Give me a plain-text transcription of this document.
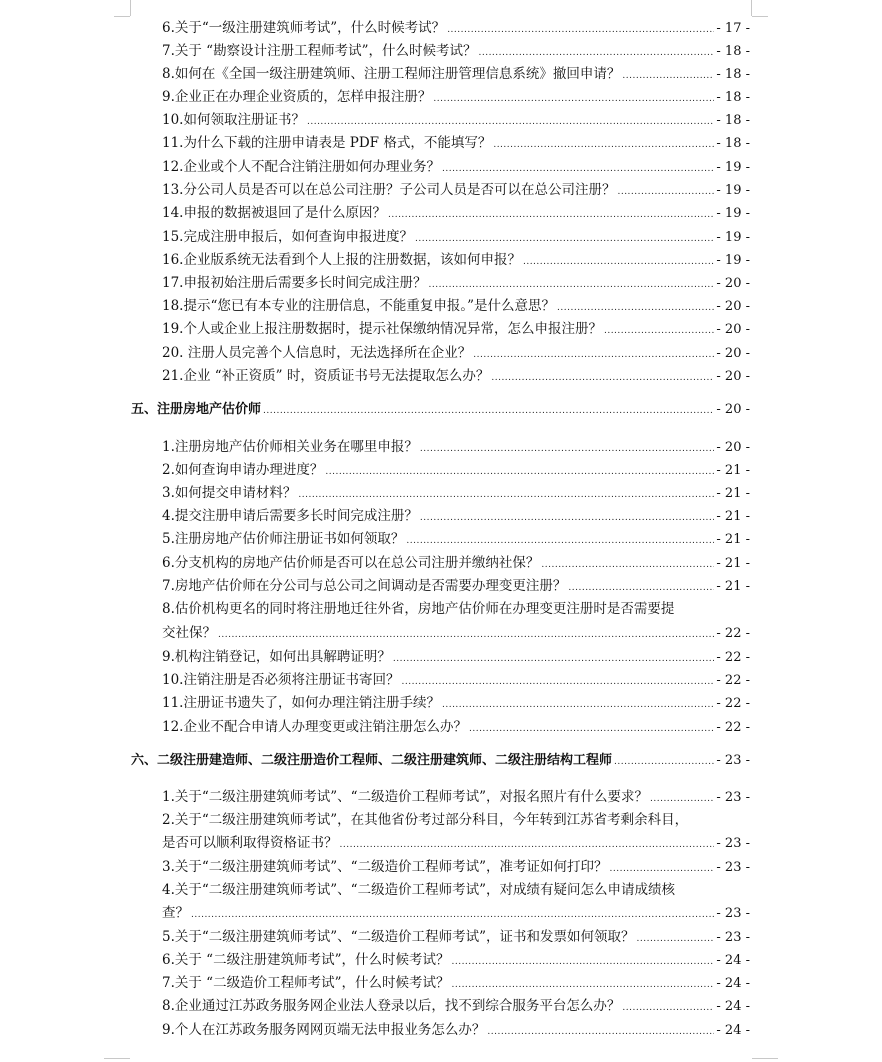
6.关于“一级注册建筑师考试”，什么时候考试？ .....	- 17 -
7.关于 “勘察设计注册工程师考试”，什么时候考试？ .....	- 18 -
8.如何在《全国一级注册建筑师、注册工程师注册管理信息系统》撤回申请？ .....	- 18 -
9.企业正在办理企业资质的，怎样申报注册？ .....	- 18 -
10.如何领取注册证书？ .....	- 18 -
11.为什么下载的注册申请表是 PDF 格式，不能填写？ .....	- 18 -
12.企业或个人不配合注销注册如何办理业务？ .....	- 19 -
13.分公司人员是否可以在总公司注册？子公司人员是否可以在总公司注册？ .....	- 19 -
14.申报的数据被退回了是什么原因？ .....	- 19 -
15.完成注册申报后，如何查询申报进度？ .....	- 19 -
16.企业版系统无法看到个人上报的注册数据，该如何申报？ .....	- 19 -
17.申报初始注册后需要多长时间完成注册？ .....	- 20 -
18.提示“您已有本专业的注册信息，不能重复申报。”是什么意思？ .....	- 20 -
19.个人或企业上报注册数据时，提示社保缴纳情况异常，怎么申报注册？ .....	- 20 -
20. 注册人员完善个人信息时，无法选择所在企业？ .....	- 20 -
21.企业 “补正资质” 时，资质证书号无法提取怎么办？ .....	- 20 -
五、注册房地产估价师 .....	- 20 -
1.注册房地产估价师相关业务在哪里申报？ .....	- 20 -
2.如何查询申请办理进度？ .....	- 21 -
3.如何提交申请材料？ .....	- 21 -
4.提交注册申请后需要多长时间完成注册？ .....	- 21 -
5.注册房地产估价师注册证书如何领取？ .....	- 21 -
6.分支机构的房地产估价师是否可以在总公司注册并缴纳社保？ .....	- 21 -
7.房地产估价师在分公司与总公司之间调动是否需要办理变更注册？ .....	- 21 -
8.估价机构更名的同时将注册地迁往外省，房地产估价师在办理变更注册时是否需要提
交社保？ .....	- 22 -
9.机构注销登记，如何出具解聘证明？ .....	- 22 -
10.注销注册是否必须将注册证书寄回？ .....	- 22 -
11.注册证书遗失了，如何办理注销注册手续？ .....	- 22 -
12.企业不配合申请人办理变更或注销注册怎么办？ .....	- 22 -
六、二级注册建造师、二级注册造价工程师、二级注册建筑师、二级注册结构工程师 .....	- 23 -
1.关于“二级注册建筑师考试”、“二级造价工程师考试”，对报名照片有什么要求？ .....	- 23 -
2.关于“二级注册建筑师考试”，在其他省份考过部分科目，今年转到江苏省考剩余科目，
是否可以顺利取得资格证书？ .....	- 23 -
3.关于“二级注册建筑师考试”、“二级造价工程师考试”，准考证如何打印？ .....	- 23 -
4.关于“二级注册建筑师考试”、“二级造价工程师考试”，对成绩有疑问怎么申请成绩核
查？ .....	- 23 -
5.关于“二级注册建筑师考试”、“二级造价工程师考试”，证书和发票如何领取？ .....	- 23 -
6.关于 “二级注册建筑师考试”，什么时候考试？ .....	- 24 -
7.关于 “二级造价工程师考试”，什么时候考试？ .....	- 24 -
8.企业通过江苏政务服务网企业法人登录以后，找不到综合服务平台怎么办？ .....	- 24 -
9.个人在江苏政务服务网网页端无法申报业务怎么办？ .....	- 24 -
